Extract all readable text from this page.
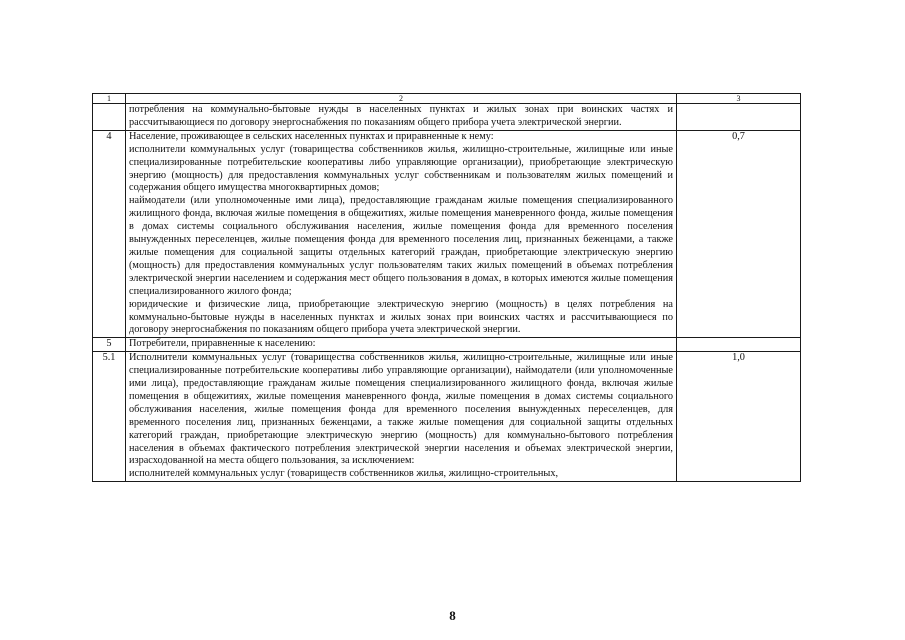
1	2	3

	потребления на коммунально-бытовые нужды в населенных пунктах и жилых зонах при воинских частях и рассчитывающиеся по договору энергоснабжения по показаниям общего прибора учета электрической энергии.	

4	Население, проживающее в сельских населенных пунктах и приравненные к нему:

исполнители коммунальных услуг (товарищества собственников жилья, жилищно-строительные, жилищные или иные специализированные потребительские кооперативы либо управляющие организации), приобретающие электрическую энергию (мощность) для предоставления коммунальных услуг собственникам и пользователям жилых помещений и содержания общего имущества многоквартирных домов;

наймодатели (или уполномоченные ими лица), предоставляющие гражданам жилые помещения специализированного жилищного фонда, включая жилые помещения в общежитиях, жилые помещения маневренного фонда, жилые помещения в домах системы социального обслуживания населения, жилые помещения фонда для временного поселения вынужденных переселенцев, жилые помещения фонда для временного поселения лиц, признанных беженцами, а также жилые помещения для социальной защиты отдельных категорий граждан, приобретающие электрическую энергию (мощность) для предоставления коммунальных услуг пользователям таких жилых помещений в объемах потребления электрической энергии населением и содержания мест общего пользования в домах, в которых имеются жилые помещения специализированного жилого фонда;

юридические и физические лица, приобретающие электрическую энергию (мощность) в целях потребления на коммунально-бытовые нужды в населенных пунктах и жилых зонах при воинских частях и рассчитывающиеся по договору энергоснабжения по показаниям общего прибора учета электрической энергии.	0,7
5	Потребители, приравненные к населению:	

5.1	Исполнители коммунальных услуг (товарищества собственников жилья, жилищно-строительные, жилищные или иные специализированные потребительские кооперативы либо управляющие организации), наймодатели (или уполномоченные ими лица), предоставляющие гражданам жилые помещения специализированного жилищного фонда, включая жилые помещения в общежитиях, жилые помещения маневренного фонда, жилые помещения в домах системы социального обслуживания населения, жилые помещения фонда для временного поселения вынужденных переселенцев, для временного поселения лиц, признанных беженцами, а также жилые помещения для социальной защиты отдельных категорий граждан, приобретающие электрическую энергию (мощность) для коммунально-бытового потребления населения в объемах фактического потребления электрической энергии населения и объемах электрической энергии, израсходованной на места общего пользования, за исключением:

исполнителей коммунальных услуг (товариществ собственников жилья, жилищно-строительных,	1,0
8
